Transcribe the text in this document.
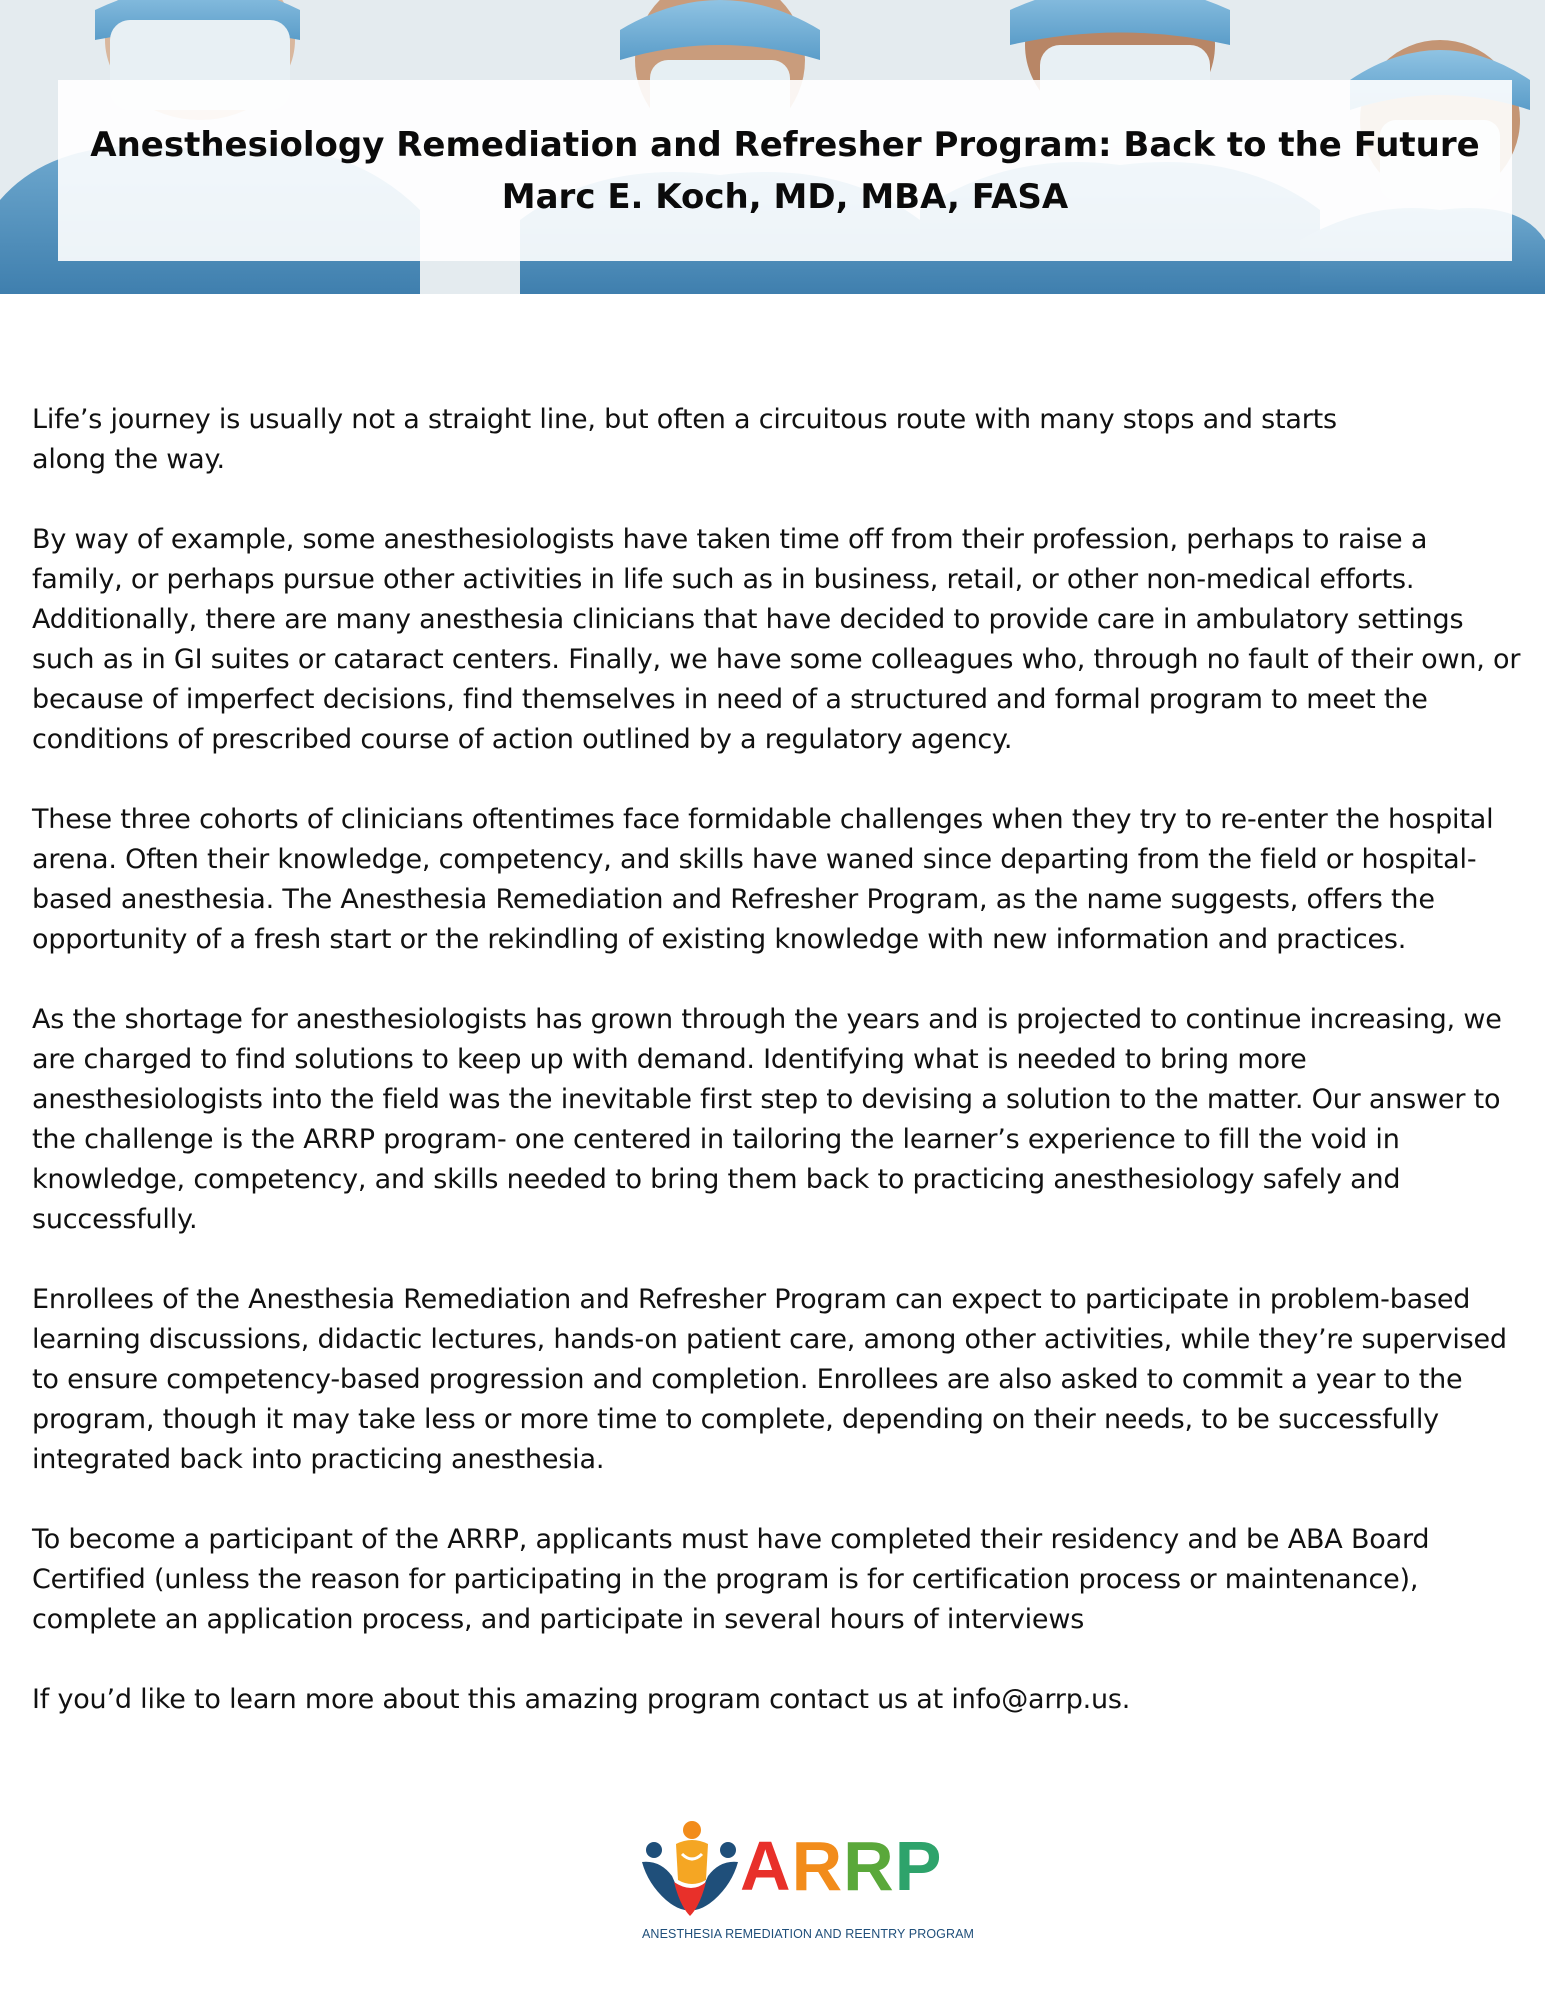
Anesthesiology Remediation and Refresher Program: Back to the Future
Marc E. Koch, MD, MBA, FASA

Life’s journey is usually not a straight line, but often a circuitous route with many stops and starts along the way.

By way of example, some anesthesiologists have taken time off from their profession, perhaps to raise a family, or perhaps pursue other activities in life such as in business, retail, or other non-medical efforts. Additionally, there are many anesthesia clinicians that have decided to provide care in ambulatory settings such as in GI suites or cataract centers. Finally, we have some colleagues who, through no fault of their own, or because of imperfect decisions, find themselves in need of a structured and formal program to meet the conditions of prescribed course of action outlined by a regulatory agency.

These three cohorts of clinicians oftentimes face formidable challenges when they try to re-enter the hospital arena. Often their knowledge, competency, and skills have waned since departing from the field or hospital-based anesthesia. The Anesthesia Remediation and Refresher Program, as the name suggests, offers the opportunity of a fresh start or the rekindling of existing knowledge with new information and practices.

As the shortage for anesthesiologists has grown through the years and is projected to continue increasing, we are charged to find solutions to keep up with demand. Identifying what is needed to bring more anesthesiologists into the field was the inevitable first step to devising a solution to the matter. Our answer to the challenge is the ARRP program- one centered in tailoring the learner’s experience to fill the void in knowledge, competency, and skills needed to bring them back to practicing anesthesiology safely and successfully.

Enrollees of the Anesthesia Remediation and Refresher Program can expect to participate in problem-based learning discussions, didactic lectures, hands-on patient care, among other activities, while they’re supervised to ensure competency-based progression and completion. Enrollees are also asked to commit a year to the program, though it may take less or more time to complete, depending on their needs, to be successfully integrated back into practicing anesthesia.

To become a participant of the ARRP, applicants must have completed their residency and be ABA Board Certified (unless the reason for participating in the program is for certification process or maintenance), complete an application process, and participate in several hours of interviews

If you’d like to learn more about this amazing program contact us at info@arrp.us.

ARRP
ANESTHESIA REMEDIATION AND REENTRY PROGRAM
